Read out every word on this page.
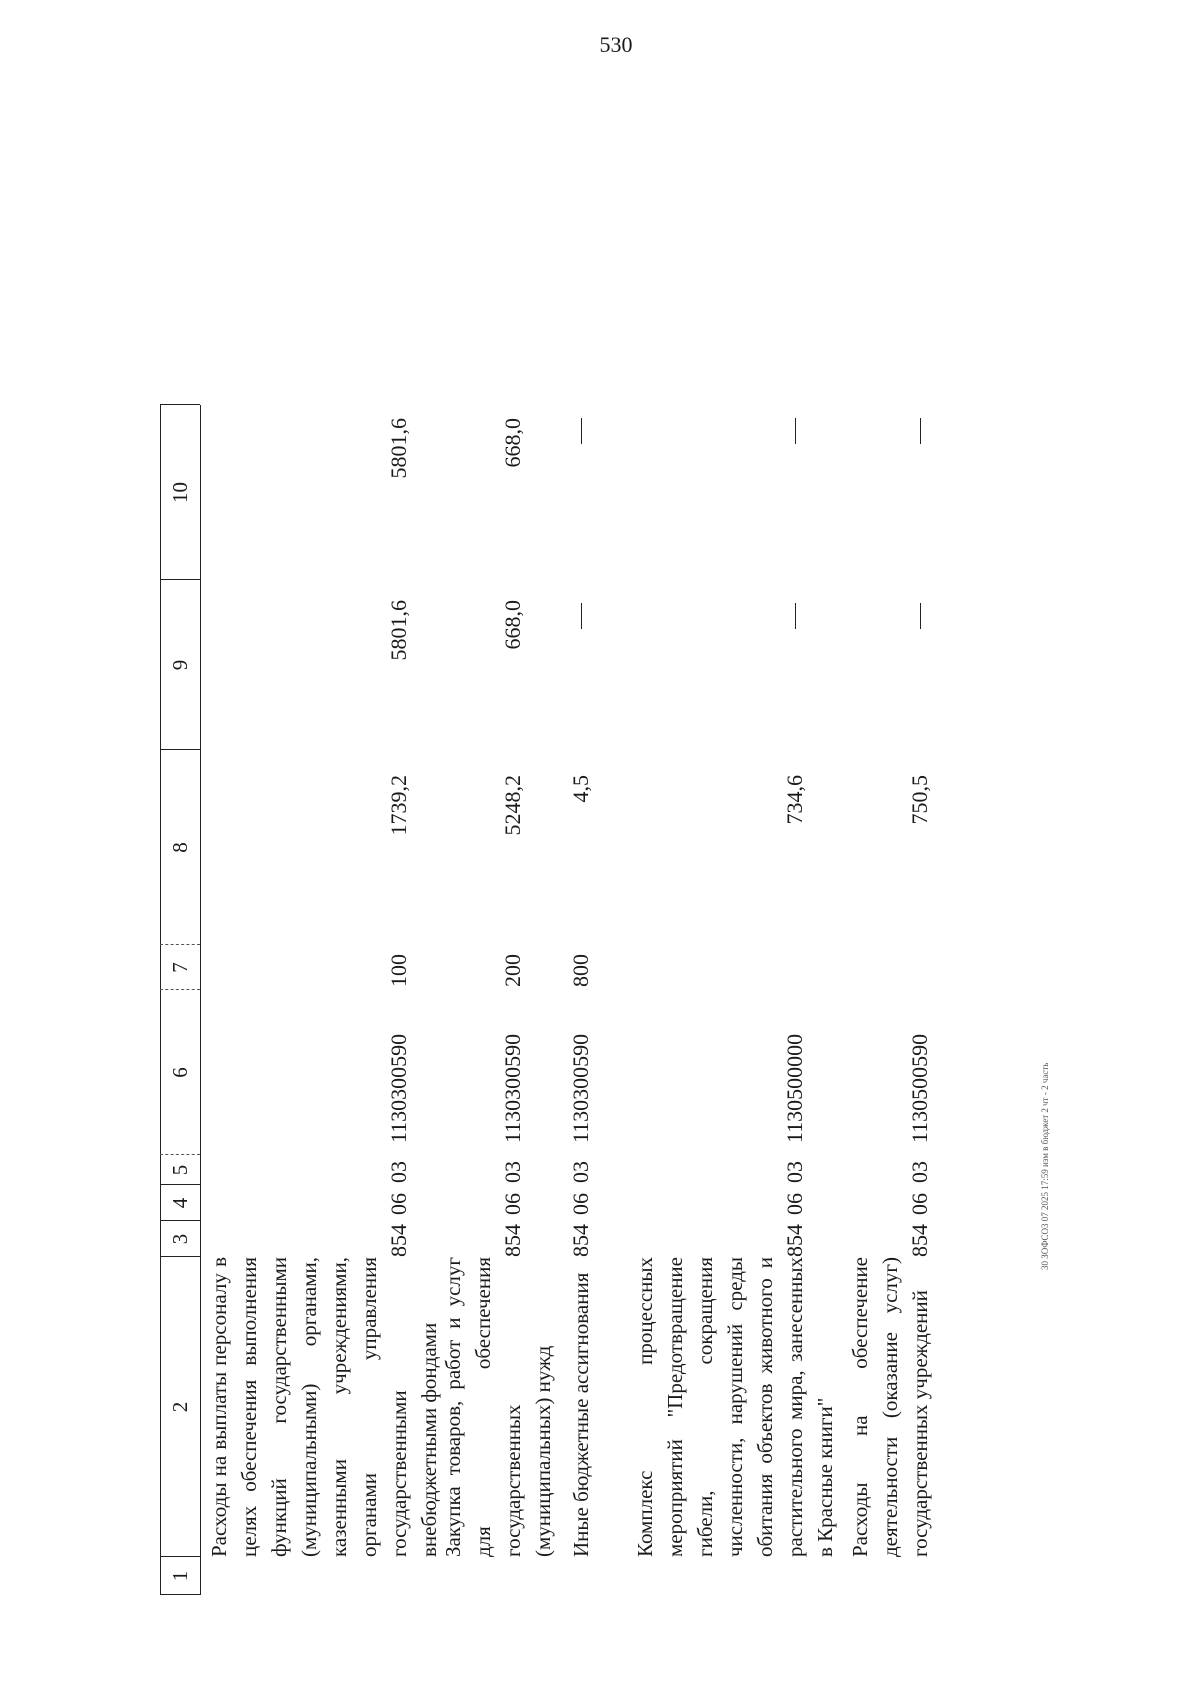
530
1
2
3
4
5
6
7
8
9
10
Расходы на выплаты персоналу в целях обеспечения выполнения функций государственными (муниципальными) органами, казенными учреждениями, органами управления государственными внебюджетными фондами
854
06
03
1130300590
100
1739,2
5801,6
5801,6
Закупка товаров, работ и услуг для обеспечения государственных (муниципальных) нужд
854
06
03
1130300590
200
5248,2
668,0
668,0
Иные бюджетные ассигнования
854
06
03
1130300590
800
4,5
Комплекс процессных мероприятий "Предотвращение гибели, сокращения численности, нарушений среды обитания объектов животного и растительного мира, занесенных в Красные книги"
854
06
03
1130500000
734,6
Расходы на обеспечение деятельности (оказание услуг) государственных учреждений
854
06
03
1130500590
750,5
30 ЗОФСО3 07 2025 17:59 изм в бюджет 2 чт - 2 часть
